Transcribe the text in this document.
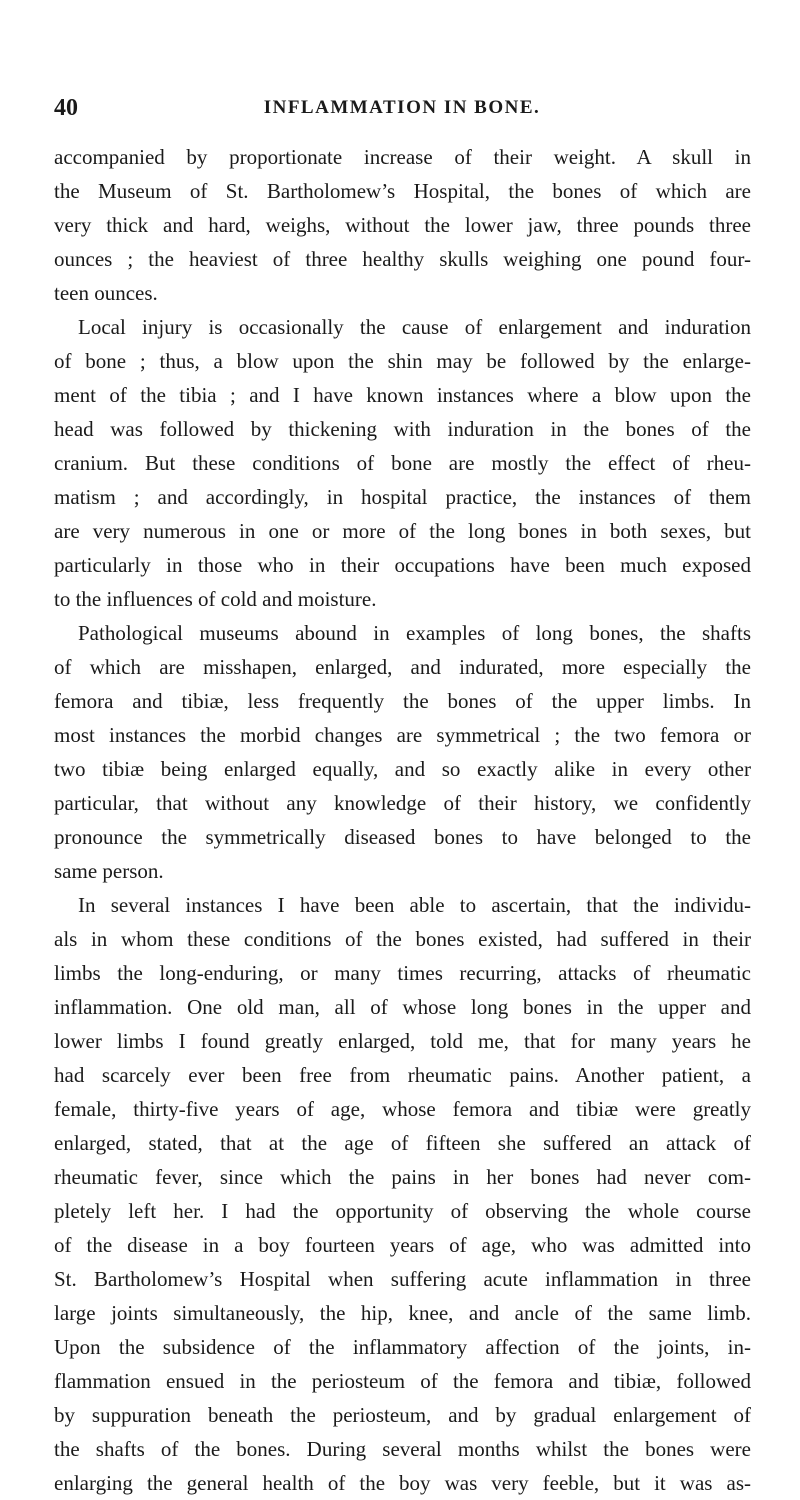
40	INFLAMMATION IN BONE.
accompanied by proportionate increase of their weight. A skull in
the Museum of St. Bartholomew’s Hospital, the bones of which are
very thick and hard, weighs, without the lower jaw, three pounds three
ounces ; the heaviest of three healthy skulls weighing one pound four-
teen ounces.
Local injury is occasionally the cause of enlargement and induration
of bone ; thus, a blow upon the shin may be followed by the enlarge-
ment of the tibia ; and I have known instances where a blow upon the
head was followed by thickening with induration in the bones of the
cranium. But these conditions of bone are mostly the effect of rheu-
matism ; and accordingly, in hospital practice, the instances of them
are very numerous in one or more of the long bones in both sexes, but
particularly in those who in their occupations have been much exposed
to the influences of cold and moisture.
Pathological museums abound in examples of long bones, the shafts
of which are misshapen, enlarged, and indurated, more especially the
femora and tibiæ, less frequently the bones of the upper limbs. In
most instances the morbid changes are symmetrical ; the two femora or
two tibiæ being enlarged equally, and so exactly alike in every other
particular, that without any knowledge of their history, we confidently
pronounce the symmetrically diseased bones to have belonged to the
same person.
In several instances I have been able to ascertain, that the individu-
als in whom these conditions of the bones existed, had suffered in their
limbs the long-enduring, or many times recurring, attacks of rheumatic
inflammation. One old man, all of whose long bones in the upper and
lower limbs I found greatly enlarged, told me, that for many years he
had scarcely ever been free from rheumatic pains. Another patient, a
female, thirty-five years of age, whose femora and tibiæ were greatly
enlarged, stated, that at the age of fifteen she suffered an attack of
rheumatic fever, since which the pains in her bones had never com-
pletely left her. I had the opportunity of observing the whole course
of the disease in a boy fourteen years of age, who was admitted into
St. Bartholomew’s Hospital when suffering acute inflammation in three
large joints simultaneously, the hip, knee, and ancle of the same limb.
Upon the subsidence of the inflammatory affection of the joints, in-
flammation ensued in the periosteum of the femora and tibiæ, followed
by suppuration beneath the periosteum, and by gradual enlargement of
the shafts of the bones. During several months whilst the bones were
enlarging the general health of the boy was very feeble, but it was as-
